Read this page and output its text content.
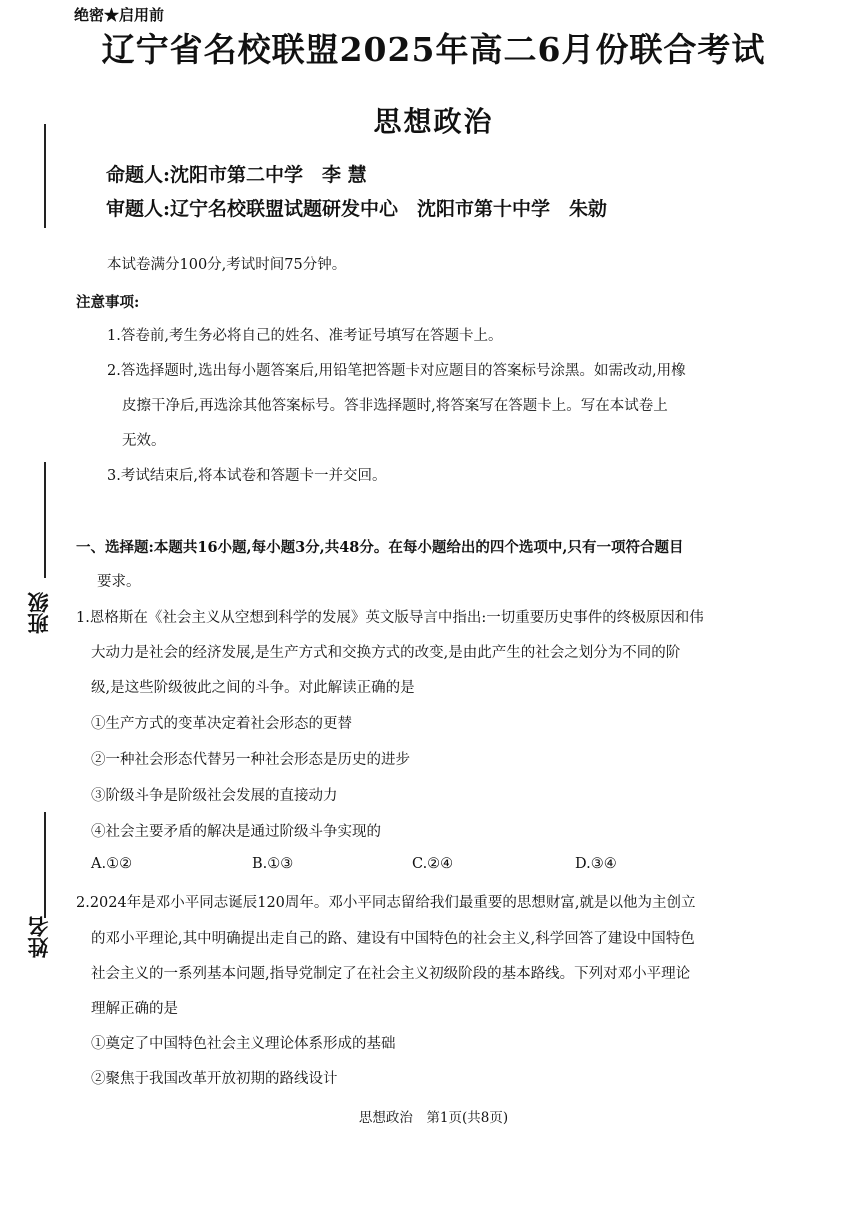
绝密★启用前
辽宁省名校联盟2025年高二6月份联合考试
思想政治
命题人:沈阳市第二中学　李 慧
审题人:辽宁名校联盟试题研发中心　沈阳市第十中学　朱勍
本试卷满分100分,考试时间75分钟。
注意事项:
1.答卷前,考生务必将自己的姓名、准考证号填写在答题卡上。
2.答选择题时,选出每小题答案后,用铅笔把答题卡对应题目的答案标号涂黑。如需改动,用橡
皮擦干净后,再选涂其他答案标号。答非选择题时,将答案写在答题卡上。写在本试卷上
无效。
3.考试结束后,将本试卷和答题卡一并交回。
一、选择题:本题共16小题,每小题3分,共48分。在每小题给出的四个选项中,只有一项符合题目
要求。
1.恩格斯在《社会主义从空想到科学的发展》英文版导言中指出:一切重要历史事件的终极原因和伟
大动力是社会的经济发展,是生产方式和交换方式的改变,是由此产生的社会之划分为不同的阶
级,是这些阶级彼此之间的斗争。对此解读正确的是
①生产方式的变革决定着社会形态的更替
②一种社会形态代替另一种社会形态是历史的进步
③阶级斗争是阶级社会发展的直接动力
④社会主要矛盾的解决是通过阶级斗争实现的
A.①②	B.①③	C.②④	D.③④
2.2024年是邓小平同志诞辰120周年。邓小平同志留给我们最重要的思想财富,就是以他为主创立
的邓小平理论,其中明确提出走自己的路、建设有中国特色的社会主义,科学回答了建设中国特色
社会主义的一系列基本问题,指导党制定了在社会主义初级阶段的基本路线。下列对邓小平理论
理解正确的是
①奠定了中国特色社会主义理论体系形成的基础
②聚焦于我国改革开放初期的路线设计
思想政治　第1页(共8页)
班级
姓名
